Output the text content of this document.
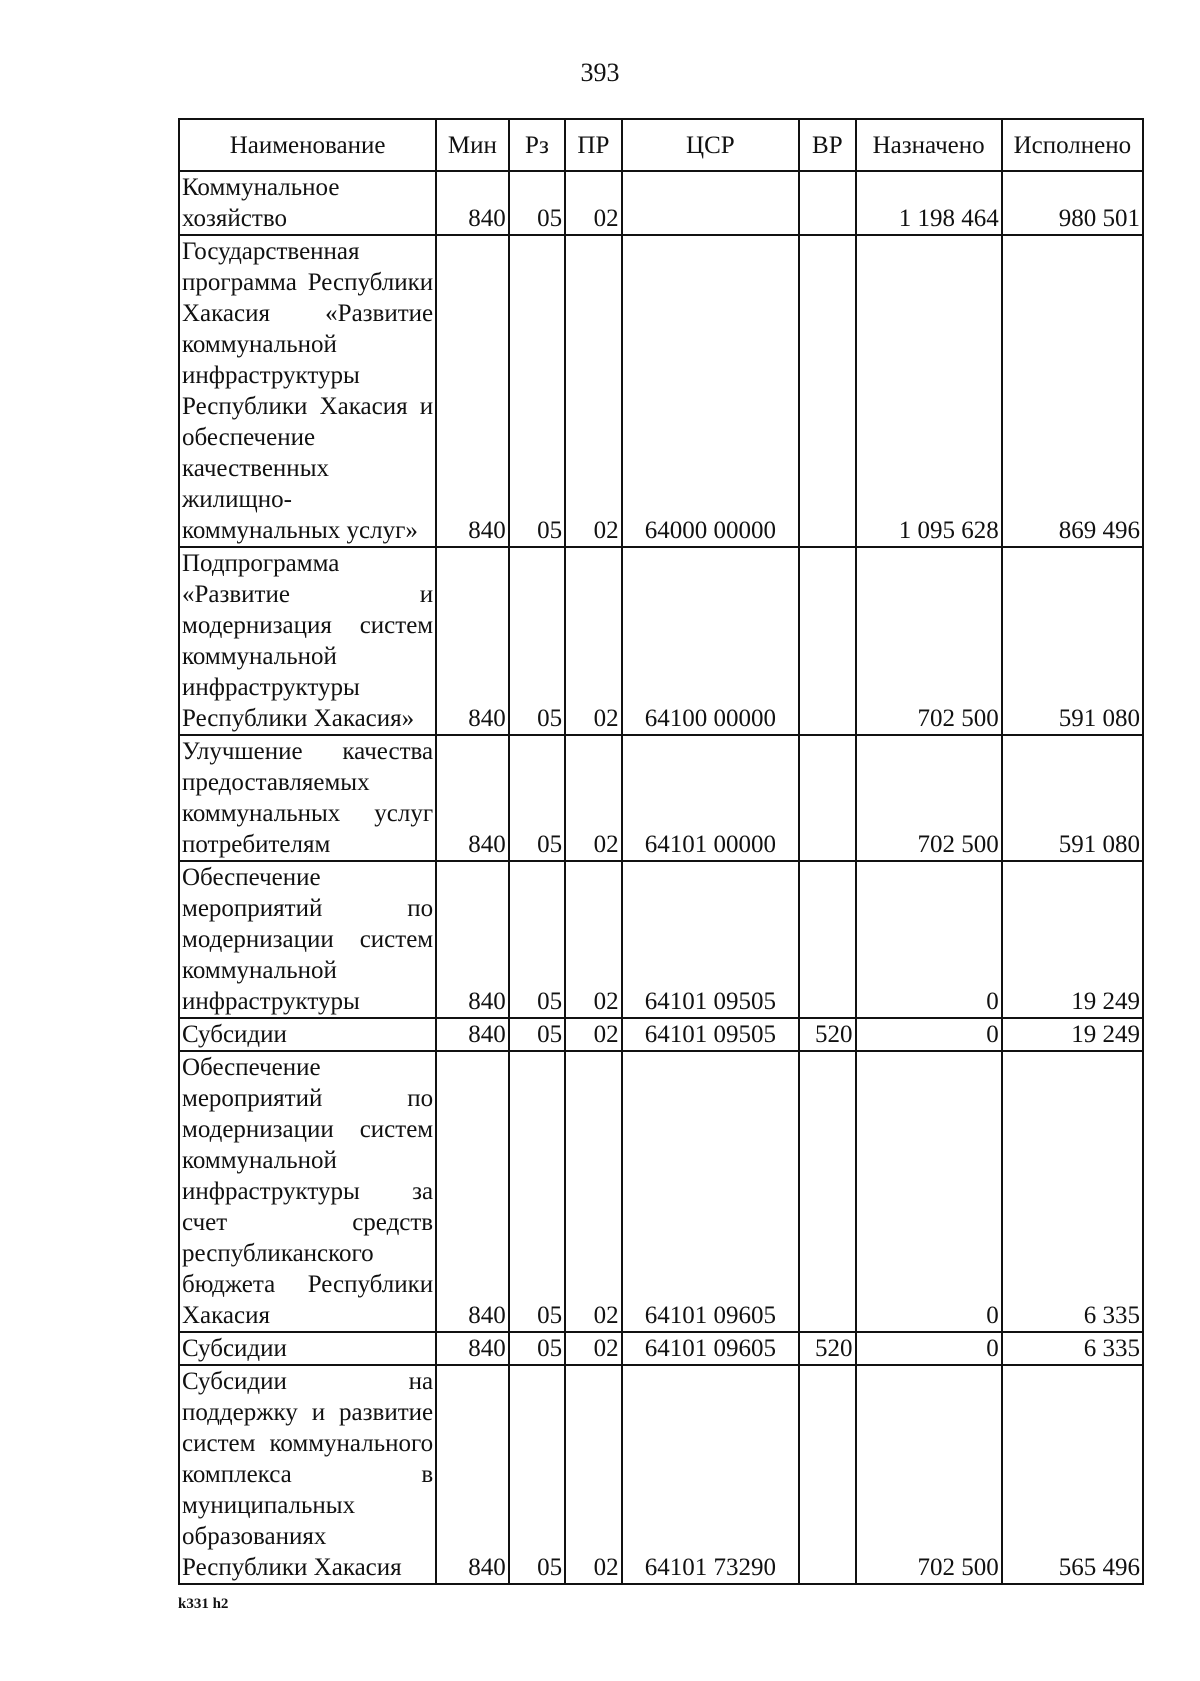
393
Наименование	Мин	Рз	ПР	ЦСР	ВР	Назначено	Исполнено
Коммунальное хозяйство	840	05	02			1 198 464	980 501
Государственная программа Республики Хакасия «Развитие коммунальной инфраструктуры Республики Хакасия и обеспечение качественных жилищно-коммунальных услуг»	840	05	02	64000 00000		1 095 628	869 496
Подпрограмма «Развитие и модернизация систем коммунальной инфраструктуры Республики Хакасия»	840	05	02	64100 00000		702 500	591 080
Улучшение качества предоставляемых коммунальных услуг потребителям	840	05	02	64101 00000		702 500	591 080
Обеспечение мероприятий по модернизации систем коммунальной инфраструктуры	840	05	02	64101 09505		0	19 249
Субсидии	840	05	02	64101 09505	520	0	19 249
Обеспечение мероприятий по модернизации систем коммунальной инфраструктуры за счет средств республиканского бюджета Республики Хакасия	840	05	02	64101 09605		0	6 335
Субсидии	840	05	02	64101 09605	520	0	6 335
Субсидии на поддержку и развитие систем коммунального комплекса в муниципальных образованиях Республики Хакасия	840	05	02	64101 73290		702 500	565 496
k331 h2
